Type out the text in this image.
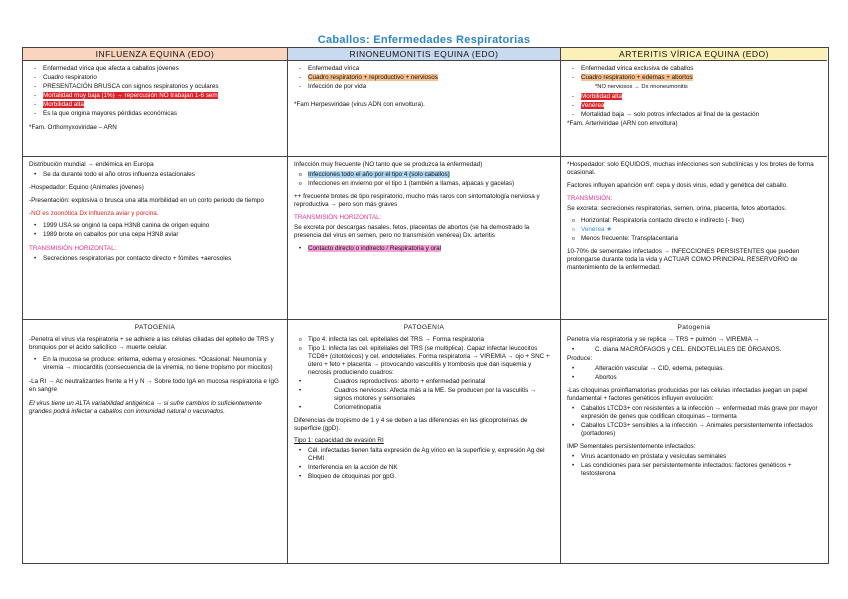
Caballos: Enfermedades Respiratorias
INFLUENZA EQUINA (EDO)

- Enfermedad vírica que afecta a caballos jóvenes

- Cuadro respiratorio

- PRESENTACIÓN BRUSCA con signos respiratorios y oculares

- Mortalidad muy baja (1%) → repercusión NO trabajan 1-6 sem

- Morbilidad alta

- Es la que origina mayores pérdidas económicas

*Fam. Orthomyxoviridae – ARN

Distribución mundial → endémica en Europa

• Se da durante todo el año otros influenza estacionales

-Hospedador: Equino (Animales jóvenes)

-Presentación: explosiva o brusca una alta morbilidad en un corto periodo de tiempo

-NO es zoonótica Dx influenza aviar y porcina.

• 1999 USA se originó la cepa H3N8 canina de origen equino

• 1989 brote en caballos por una cepa H3N8 aviar

TRANSMISIÓN HORIZONTAL:

• Secreciones respiratorias por contacto directo + fómites +aerosoles

PATOGENIA

-Penetra el virus vía respiratoria + se adhiere a las células ciliadas del epitelio de TRS y bronquios por el ácido salicílico → muerte celular.

• En la mucosa se produce: eritema, edema y erosiones. *Ocasional: Neumonía y viremia → miocarditis (consecuencia de la viremia, no tiene tropismo por miocitos)

-La RI → Ac neutralizantes frente a H y N → Sobre todo IgA en mucosa respiratoria e IgG en sangre

El virus tiene un ALTA variabilidad antigénica → si sufre cambios lo suficientemente grandes podrá infectar a caballos con inmunidad natural o vacunados.

RINONEUMONITIS EQUINA (EDO)

- Enfermedad vírica

- Cuadro respiratorio + reproductivo + nerviosos

- Infección de por vida

*Fam Herpesviridae (virus ADN con envoltura).

Infección muy frecuente (NO tanto que se produzca la enfermedad)

o Infecciones todo el año por el tipo 4 (solo caballos)

o Infecciones en invierno por el tipo 1 (también a llamas, alpacas y gacelas)

++ frecuente brotes de tipo respiratorio, mucho más raros con sintomatología nerviosa y reproductiva → pero son más graves

TRANSMISIÓN HORIZONTAL:

Se excreta por descargas nasales, fetos, placentas de abortos (se ha demostrado la presencia del virus en semen, pero no transmisión venérea) Dx. arteritis

• Contacto directo o indirecto / Respiratoria y oral

PATOGENIA

o Tipo 4: infecta las cel. epiteliales del TRS → Forma respiratoria

o Tipo 1: infecta las cel. epiteliales del TRS (se multiplica). Capaz infectar leucocitos TCD8+ (citotóxicos) y cel. endoteliales. Forma respiratoria → VIREMIA → ojo + SNC + útero + feto + placenta → provocando vasculitis y trombosis que dan isquemia y necrosis produciendo cuadros:

• Cuadros reproductivos: aborto + enfermedad perinatal

• Cuadros nerviosos: Afecta más a la ME. Se producen por la vasculitis → signos motores y sensoriales

• Coriorretinopatía

Diferencias de tropismo de 1 y 4 se deben a las diferencias en las glicoproteínas de superficie (gpD).

Tipo 1: capacidad de evasión RI

• Cél. infectadas tienen falta expresión de Ag vírico en la superficie y, expresión Ag del CHMI

• Interferencia en la acción de NK

• Bloqueo de citoquinas por gpG.

ARTERITIS VÍRICA EQUINA (EDO)

- Enfermedad vírica exclusiva de caballos

- Cuadro respiratorio + edemas + abortos

*NO nerviosos → Dx rinoneumonitis

- Morbilidad alta

- Venérea

- Mortalidad baja → solo potros infectados al final de la gestación

*Fam. Arteriviridae (ARN con envoltura)

*Hospedador: solo EQUIDOS, muchas infecciones son subclínicas y los brotes de forma ocasional.

Factores influyen aparición enf: cepa y dosis virus, edad y genética del caballo.

TRANSMISIÓN:

Se excreta: secreciones respiratorias, semen, orina, placenta, fetos abortados.

o Horizontal: Respiratoria contacto directo e indirecto (- frec)

o Venérea ★

o Menos frecuente: Transplacentaria

10-70% de sementales infectados → INFECCIONES PERSISTENTES que pueden prolongarse durante toda la vida y ACTUAR COMO PRINCIPAL RESERVORIO de mantenimiento de la enfermedad.

Patogenia

Penetra vía respiratoria y se replica → TRS + pulmón → VIREMIA →

• C. diana MACRÓFAGOS y CEL. ENDOTELIALES DE ÓRGANOS.

Produce:

• Alteración vascular → CID, edema, petequias.

• Abortos

-Las citoquinas proinflamatorias producidas por las células infectadas juegan un papel fundamental + factores genéticos influyen evolución:

• Caballos LTCD3+ con resistentes a la infección → enfermedad más grave por mayor expresión de genes que codifican citoquinas – tormenta

• Caballos LTCD3+ sensibles a la infección → Animales persistentemente infectados (portadores)

IMP Sementales persistentemente infectados:

• Virus acantonado en próstata y vesículas seminales

• Las condiciones para ser persistentemente infectados: factores genéticos + testosterona
